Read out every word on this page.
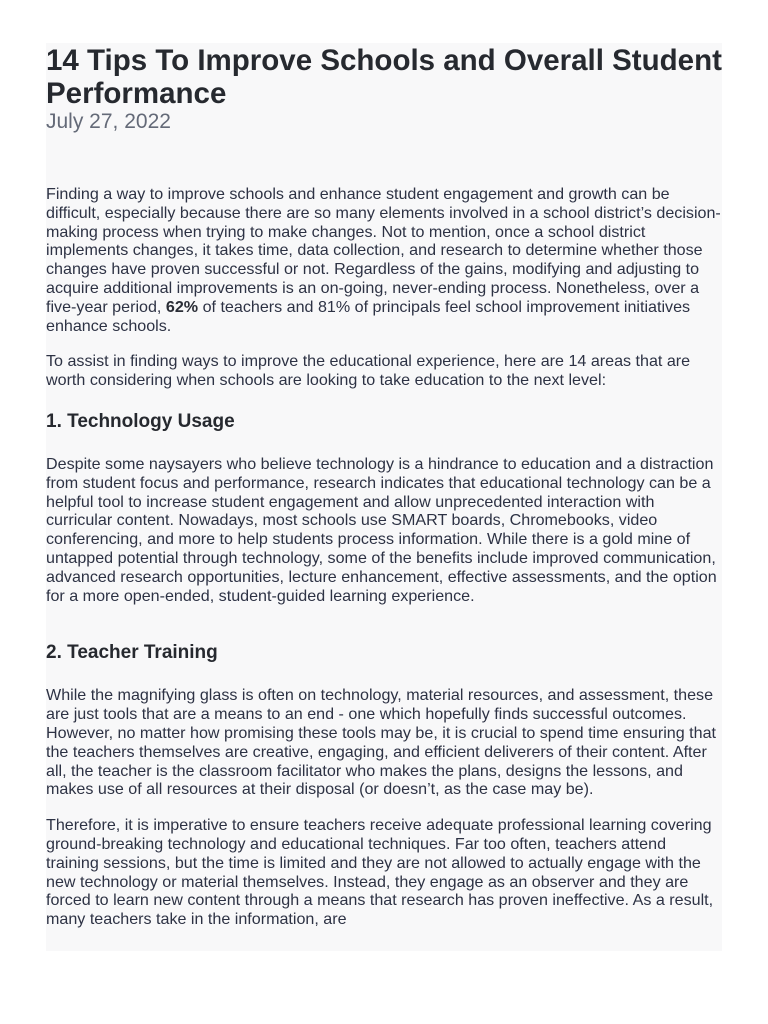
14 Tips To Improve Schools and Overall Student Performance
July 27, 2022

Finding a way to improve schools and enhance student engagement and growth can be difficult, especially because there are so many elements involved in a school district’s decision-making process when trying to make changes. Not to mention, once a school district implements changes, it takes time, data collection, and research to determine whether those changes have proven successful or not. Regardless of the gains, modifying and adjusting to acquire additional improvements is an on-going, never-ending process. Nonetheless, over a five-year period, 62% of teachers and 81% of principals feel school improvement initiatives enhance schools.

To assist in finding ways to improve the educational experience, here are 14 areas that are worth considering when schools are looking to take education to the next level:

1. Technology Usage

Despite some naysayers who believe technology is a hindrance to education and a distraction from student focus and performance, research indicates that educational technology can be a helpful tool to increase student engagement and allow unprecedented interaction with curricular content. Nowadays, most schools use SMART boards, Chromebooks, video conferencing, and more to help students process information. While there is a gold mine of untapped potential through technology, some of the benefits include improved communication, advanced research opportunities, lecture enhancement, effective assessments, and the option for a more open-ended, student-guided learning experience.

2. Teacher Training

While the magnifying glass is often on technology, material resources, and assessment, these are just tools that are a means to an end - one which hopefully finds successful outcomes. However, no matter how promising these tools may be, it is crucial to spend time ensuring that the teachers themselves are creative, engaging, and efficient deliverers of their content. After all, the teacher is the classroom facilitator who makes the plans, designs the lessons, and makes use of all resources at their disposal (or doesn’t, as the case may be).

Therefore, it is imperative to ensure teachers receive adequate professional learning covering ground-breaking technology and educational techniques. Far too often, teachers attend training sessions, but the time is limited and they are not allowed to actually engage with the new technology or material themselves. Instead, they engage as an observer and they are forced to learn new content through a means that research has proven ineffective. As a result, many teachers take in the information, are
